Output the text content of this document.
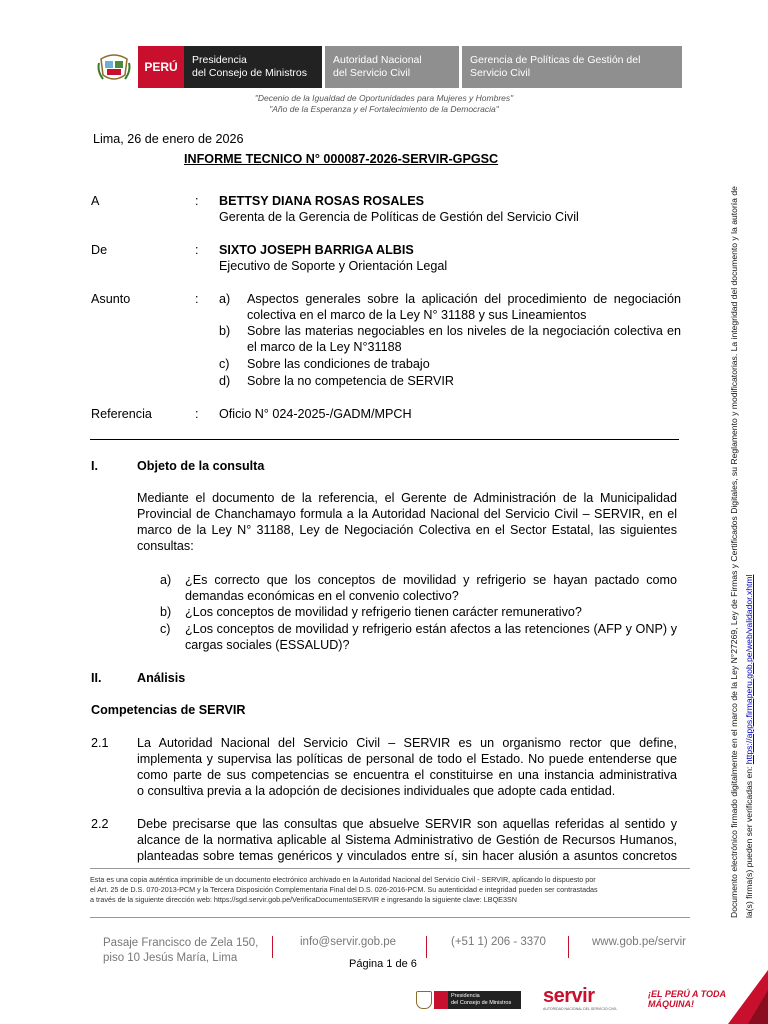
PERÚ	Presidencia
del Consejo de Ministros
Autoridad Nacional
del Servicio Civil
Gerencia de Políticas de Gestión del
Servicio Civil
"Decenio de la Igualdad de Oportunidades para Mujeres y Hombres"
"Año de la Esperanza y el Fortalecimiento de la Democracia"
Lima, 26 de enero de 2026
INFORME TECNICO N° 000087-2026-SERVIR-GPGSC
A	: BETTSY DIANA ROSAS ROSALES
Gerenta de la Gerencia de Políticas de Gestión del Servicio Civil
De	: SIXTO JOSEPH BARRIGA ALBIS
Ejecutivo de Soporte y Orientación Legal
Asunto	: a) Aspectos generales sobre la aplicación del procedimiento de negociación
colectiva en el marco de la Ley N° 31188 y sus Lineamientos
b) Sobre las materias negociables en los niveles de la negociación colectiva en
el marco de la Ley N°31188
c) Sobre las condiciones de trabajo
d) Sobre la no competencia de SERVIR
Referencia	: Oficio N° 024-2025-/GADM/MPCH
I.	Objeto de la consulta
Mediante el documento de la referencia, el Gerente de Administración de la Municipalidad
Provincial de Chanchamayo formula a la Autoridad Nacional del Servicio Civil – SERVIR, en el
marco de la Ley N° 31188, Ley de Negociación Colectiva en el Sector Estatal, las siguientes
consultas:
a) ¿Es correcto que los conceptos de movilidad y refrigerio se hayan pactado como
demandas económicas en el convenio colectivo?
b) ¿Los conceptos de movilidad y refrigerio tienen carácter remunerativo?
c) ¿Los conceptos de movilidad y refrigerio están afectos a las retenciones (AFP y ONP) y
cargas sociales (ESSALUD)?
II.	Análisis
Competencias de SERVIR
2.1 La Autoridad Nacional del Servicio Civil – SERVIR es un organismo rector que define,
implementa y supervisa las políticas de personal de todo el Estado. No puede entenderse que
como parte de sus competencias se encuentra el constituirse en una instancia administrativa
o consultiva previa a la adopción de decisiones individuales que adopte cada entidad.
2.2 Debe precisarse que las consultas que absuelve SERVIR son aquellas referidas al sentido y
alcance de la normativa aplicable al Sistema Administrativo de Gestión de Recursos Humanos,
planteadas sobre temas genéricos y vinculados entre sí, sin hacer alusión a asuntos concretos
Esta es una copia auténtica imprimible de un documento electrónico archivado en la Autoridad Nacional del Servicio Civil - SERVIR, aplicando lo dispuesto por
el Art. 25 de D.S. 070-2013-PCM y la Tercera Disposición Complementaria Final del D.S. 026-2016-PCM. Su autenticidad e integridad pueden ser contrastadas
a través de la siguiente dirección web: https://sgd.servir.gob.pe/VerificaDocumentoSERVIR e ingresando la siguiente clave: LBQE3SN
Pasaje Francisco de Zela 150,
piso 10 Jesús María, Lima
info@servir.gob.pe	(+51 1) 206 - 3370	www.gob.pe/servir
Página 1 de 6
Presidencia
del Consejo de Ministros servir
AUTORIDAD NACIONAL DEL SERVICIO CIVIL
¡EL PERÚ A TODA
MÁQUINA!
Documento electrónico firmado digitalmente en el marco de la Ley N°27269, Ley de Firmas y Certificados Digitales, su Reglamento y modificatorias. La integridad del documento y la autoría de la(s) firma(s) pueden ser verificadas en: https://apps.firmaperu.gob.pe/web/validador.xhtml
